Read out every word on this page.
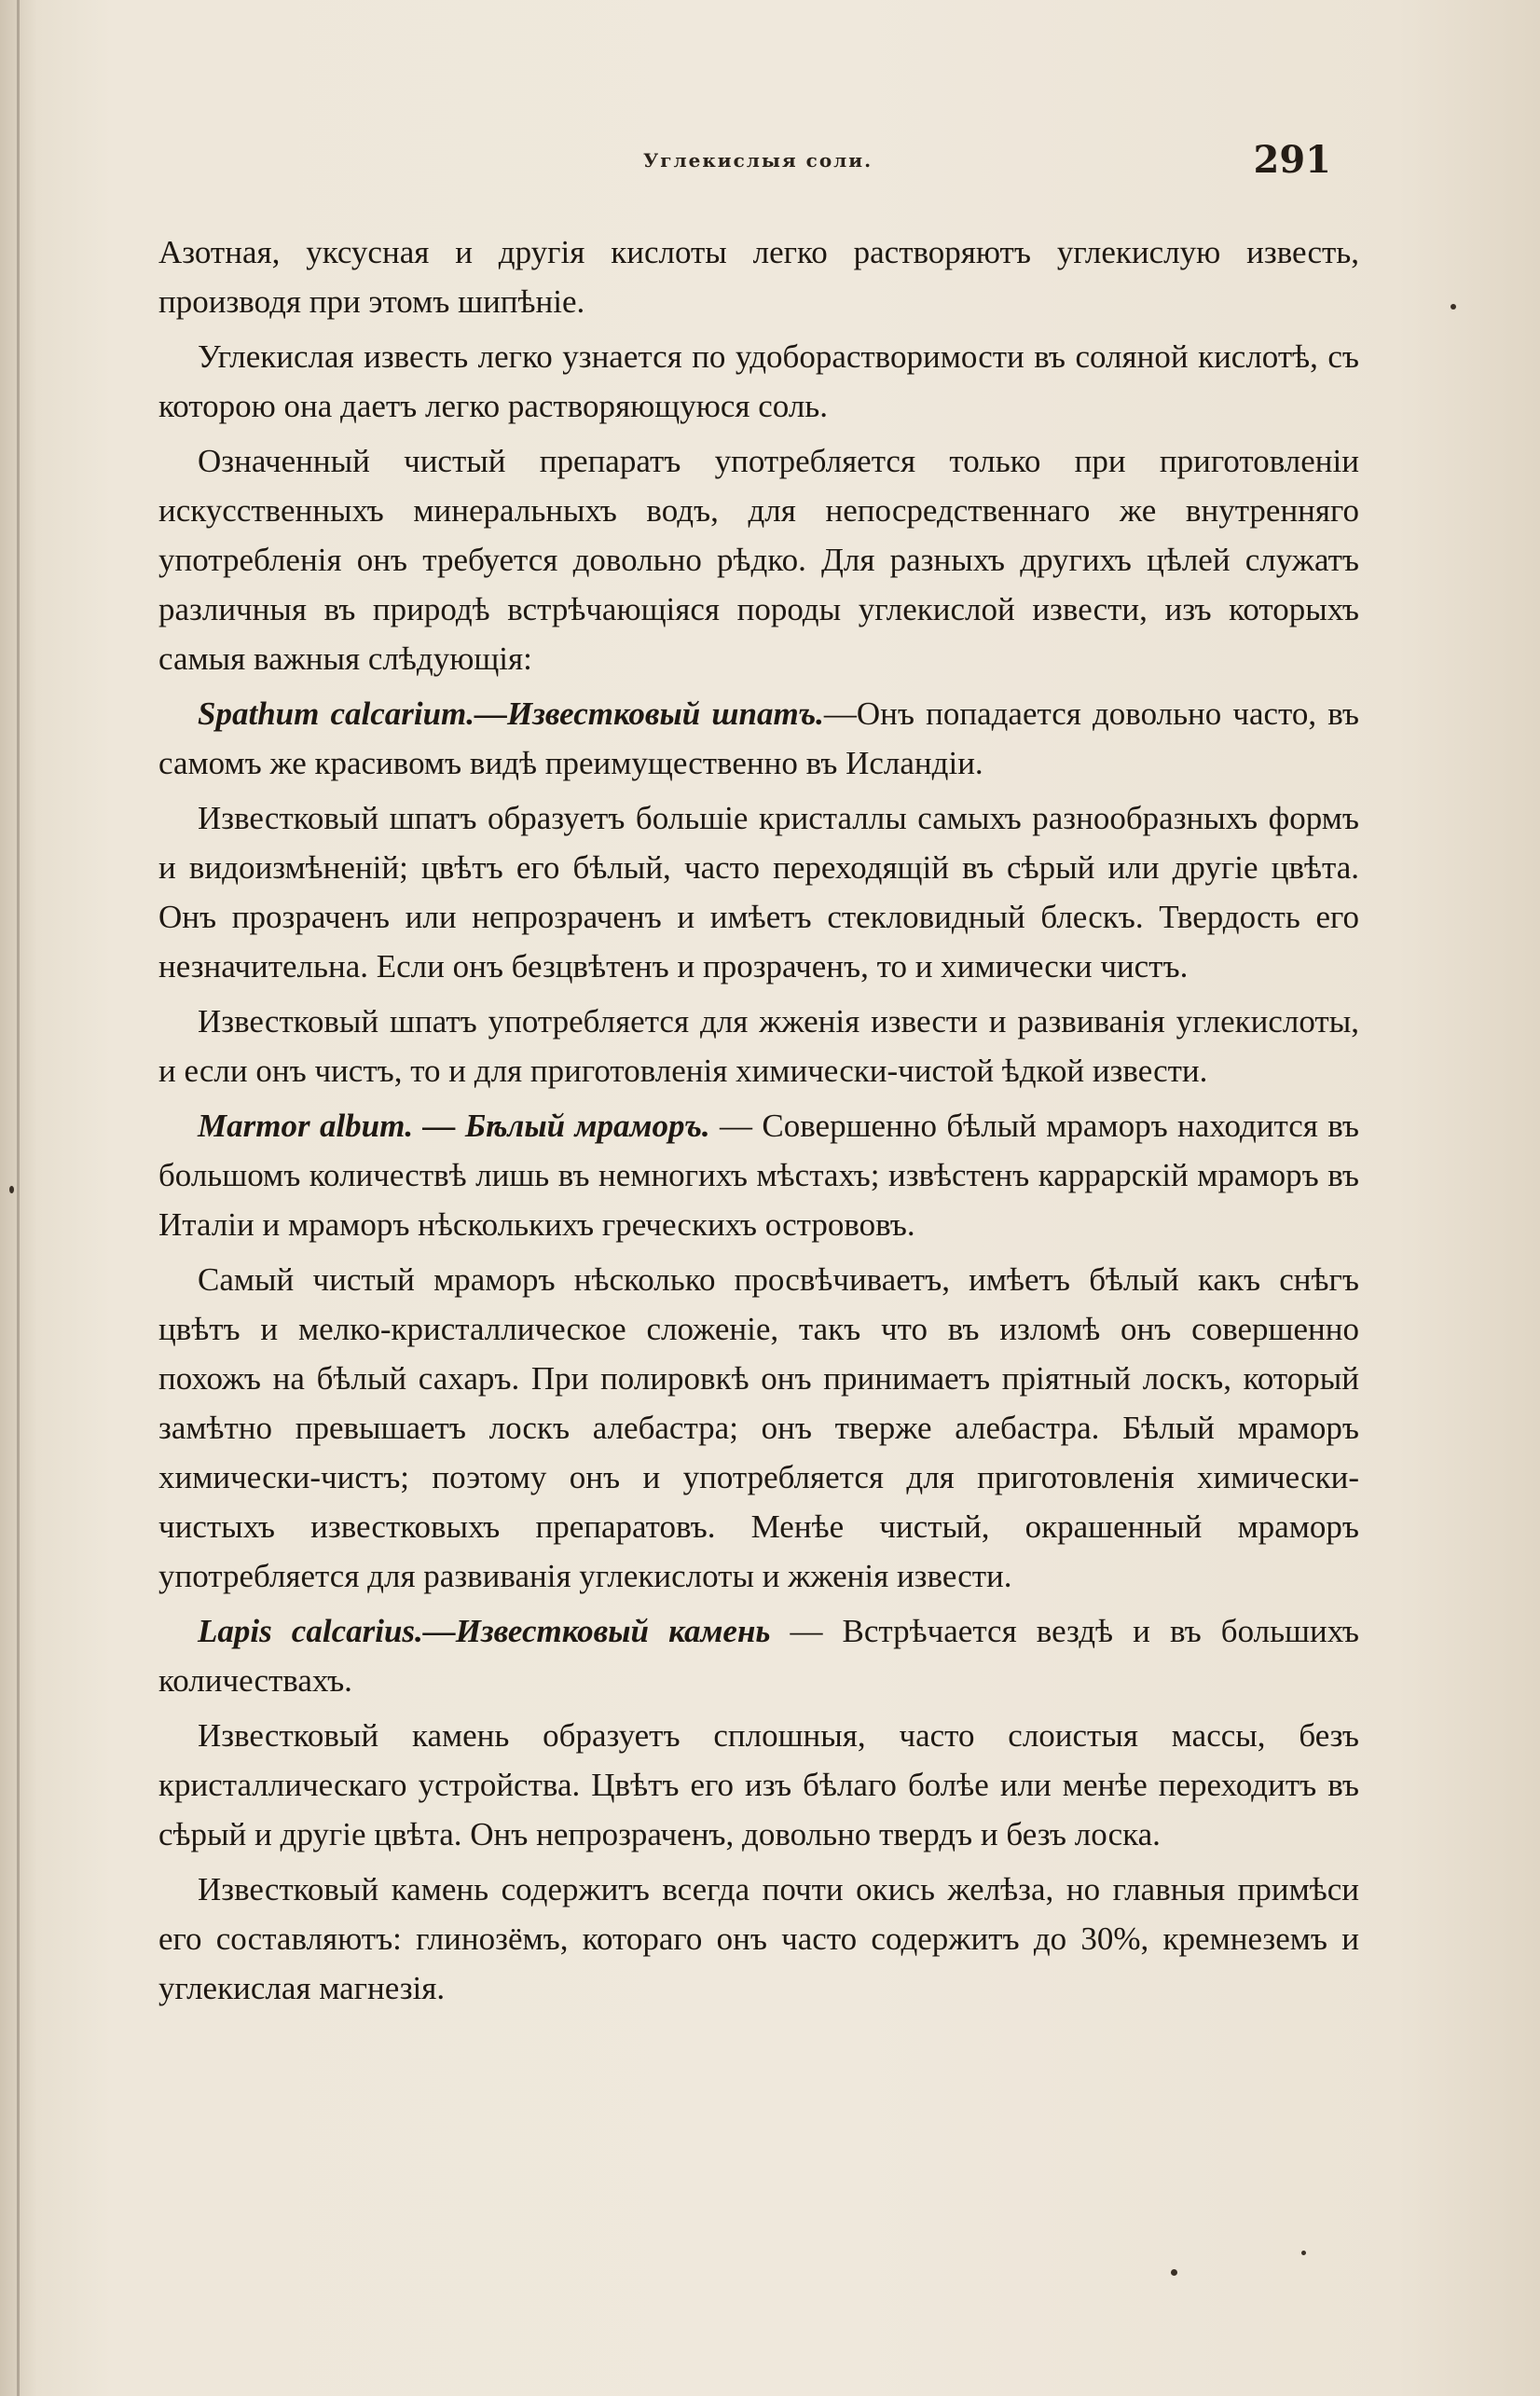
Углекислыя соли.	291

Азотная, уксусная и другія кислоты легко растворяютъ углекислую известь, производя при этомъ шипѣніе.

Углекислая известь легко узнается по удоборастворимости въ соляной кислотѣ, съ которою она даетъ легко растворяющуюся соль.

Означенный чистый препаратъ употребляется только при приготовленіи искусственныхъ минеральныхъ водъ, для непосредственнаго же внутренняго употребленія онъ требуется довольно рѣдко. Для разныхъ другихъ цѣлей служатъ различныя въ природѣ встрѣчающіяся породы углекислой извести, изъ которыхъ самыя важныя слѣдующія:

Spathum calcarium.—Известковый шпатъ.—Онъ попадается довольно часто, въ самомъ же красивомъ видѣ преимущественно въ Исландіи.

Известковый шпатъ образуетъ большіе кристаллы самыхъ разнообразныхъ формъ и видоизмѣненій; цвѣтъ его бѣлый, часто переходящій въ сѣрый или другіе цвѣта. Онъ прозраченъ или непрозраченъ и имѣетъ стекловидный блескъ. Твердость его незначительна. Если онъ безцвѣтенъ и прозраченъ, то и химически чистъ.

Известковый шпатъ употребляется для жженія извести и развиванія углекислоты, и если онъ чистъ, то и для приготовленія химически-чистой ѣдкой извести.

Marmor album. — Бѣлый мраморъ. — Совершенно бѣлый мраморъ находится въ большомъ количествѣ лишь въ немногихъ мѣстахъ; извѣстенъ каррарскій мраморъ въ Италіи и мраморъ нѣсколькихъ греческихъ острововъ.

Самый чистый мраморъ нѣсколько просвѣчиваетъ, имѣетъ бѣлый какъ снѣгъ цвѣтъ и мелко-кристаллическое сложеніе, такъ что въ изломѣ онъ совершенно похожъ на бѣлый сахаръ. При полировкѣ онъ принимаетъ пріятный лоскъ, который замѣтно превышаетъ лоскъ алебастра; онъ тверже алебастра. Бѣлый мраморъ химически-чистъ; поэтому онъ и употребляется для приготовленія химически-чистыхъ известковыхъ препаратовъ. Менѣе чистый, окрашенный мраморъ употребляется для развиванія углекислоты и жженія извести.

Lapis calcarius.—Известковый камень — Встрѣчается вездѣ и въ большихъ количествахъ.

Известковый камень образуетъ сплошныя, часто слоистыя массы, безъ кристаллическаго устройства. Цвѣтъ его изъ бѣлаго болѣе или менѣе переходитъ въ сѣрый и другіе цвѣта. Онъ непрозраченъ, довольно твердъ и безъ лоска.

Известковый камень содержитъ всегда почти окись желѣза, но главныя примѣси его составляютъ: глинозёмъ, котораго онъ часто содержитъ до 30%, кремнеземъ и углекислая магнезія.
